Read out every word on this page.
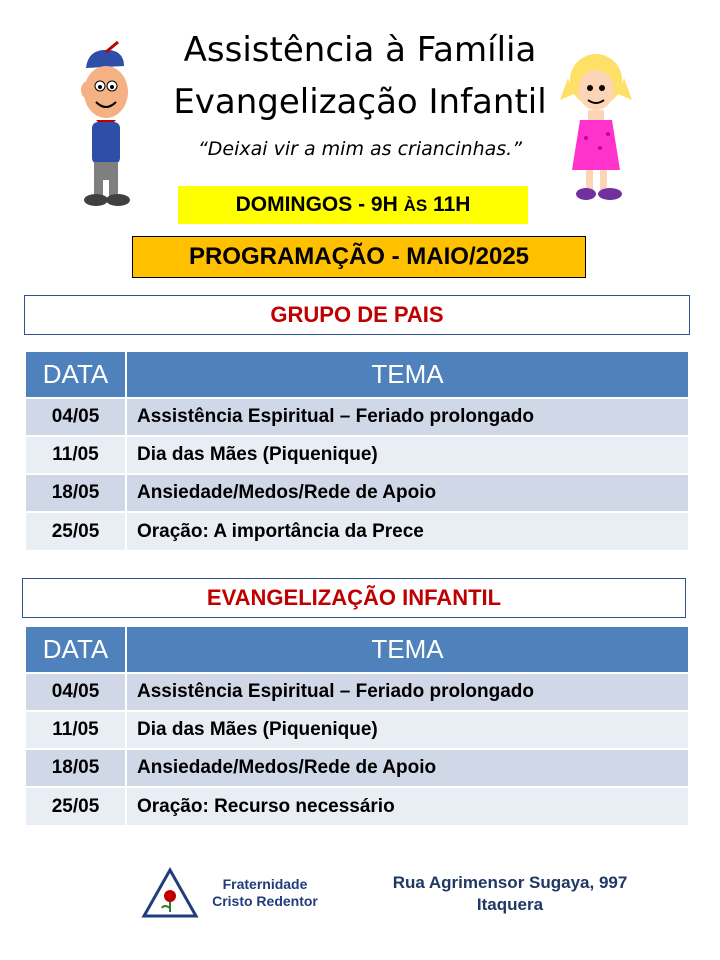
Assistência à Família
Evangelização Infantil
“Deixai vir a mim as criancinhas.”
DOMINGOS - 9H ÀS 11H
PROGRAMAÇÃO - MAIO/2025
GRUPO DE PAIS
DATA	TEMA
04/05	Assistência Espiritual – Feriado prolongado
11/05	Dia das Mães (Piquenique)
18/05	Ansiedade/Medos/Rede de Apoio
25/05	Oração: A importância da Prece
EVANGELIZAÇÃO INFANTIL
DATA	TEMA
04/05	Assistência Espiritual – Feriado prolongado
11/05	Dia das Mães (Piquenique)
18/05	Ansiedade/Medos/Rede de Apoio
25/05	Oração: Recurso necessário
Fraternidade
Cristo Redentor
Rua Agrimensor Sugaya, 997
Itaquera
